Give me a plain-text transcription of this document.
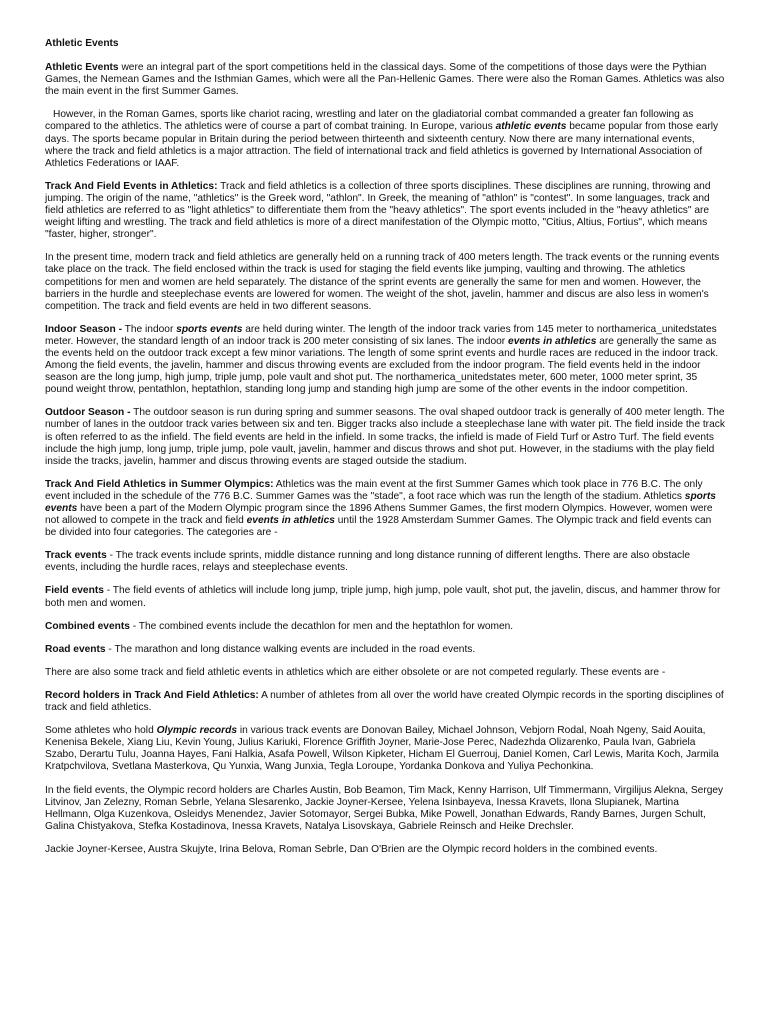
Athletic Events

Athletic Events were an integral part of the sport competitions held in the classical days. Some of the competitions of those days were the Pythian Games, the Nemean Games and the Isthmian Games, which were all the Pan-Hellenic Games. There were also the Roman Games. Athletics was also the main event in the first Summer Games.

However, in the Roman Games, sports like chariot racing, wrestling and later on the gladiatorial combat commanded a greater fan following as compared to the athletics. The athletics were of course a part of combat training. In Europe, various athletic events became popular from those early days. The sports became popular in Britain during the period between thirteenth and sixteenth century. Now there are many international events, where the track and field athletics is a major attraction. The field of international track and field athletics is governed by International Association of Athletics Federations or IAAF.

Track And Field Events in Athletics: Track and field athletics is a collection of three sports disciplines. These disciplines are running, throwing and jumping. The origin of the name, "athletics" is the Greek word, "athlon". In Greek, the meaning of "athlon" is "contest". In some languages, track and field athletics are referred to as "light athletics" to differentiate them from the "heavy athletics". The sport events included in the "heavy athletics" are weight lifting and wrestling. The track and field athletics is more of a direct manifestation of the Olympic motto, "Citius, Altius, Fortius", which means "faster, higher, stronger".

In the present time, modern track and field athletics are generally held on a running track of 400 meters length. The track events or the running events take place on the track. The field enclosed within the track is used for staging the field events like jumping, vaulting and throwing. The athletics competitions for men and women are held separately. The distance of the sprint events are generally the same for men and women. However, the barriers in the hurdle and steeplechase events are lowered for women. The weight of the shot, javelin, hammer and discus are also less in women's competition. The track and field events are held in two different seasons.

Indoor Season - The indoor sports events are held during winter. The length of the indoor track varies from 145 meter to northamerica_unitedstates meter. However, the standard length of an indoor track is 200 meter consisting of six lanes. The indoor events in athletics are generally the same as the events held on the outdoor track except a few minor variations. The length of some sprint events and hurdle races are reduced in the indoor track. Among the field events, the javelin, hammer and discus throwing events are excluded from the indoor program. The field events held in the indoor season are the long jump, high jump, triple jump, pole vault and shot put. The northamerica_unitedstates meter, 600 meter, 1000 meter sprint, 35 pound weight throw, pentathlon, heptathlon, standing long jump and standing high jump are some of the other events in the indoor competition.

Outdoor Season - The outdoor season is run during spring and summer seasons. The oval shaped outdoor track is generally of 400 meter length. The number of lanes in the outdoor track varies between six and ten. Bigger tracks also include a steeplechase lane with water pit. The field inside the track is often referred to as the infield. The field events are held in the infield. In some tracks, the infield is made of Field Turf or Astro Turf. The field events include the high jump, long jump, triple jump, pole vault, javelin, hammer and discus throws and shot put. However, in the stadiums with the play field inside the tracks, javelin, hammer and discus throwing events are staged outside the stadium.

Track And Field Athletics in Summer Olympics: Athletics was the main event at the first Summer Games which took place in 776 B.C. The only event included in the schedule of the 776 B.C. Summer Games was the "stade", a foot race which was run the length of the stadium. Athletics sports events have been a part of the Modern Olympic program since the 1896 Athens Summer Games, the first modern Olympics. However, women were not allowed to compete in the track and field events in athletics until the 1928 Amsterdam Summer Games. The Olympic track and field events can be divided into four categories. The categories are -

Track events - The track events include sprints, middle distance running and long distance running of different lengths. There are also obstacle events, including the hurdle races, relays and steeplechase events.

Field events - The field events of athletics will include long jump, triple jump, high jump, pole vault, shot put, the javelin, discus, and hammer throw for both men and women.

Combined events - The combined events include the decathlon for men and the heptathlon for women.

Road events - The marathon and long distance walking events are included in the road events.

There are also some track and field athletic events in athletics which are either obsolete or are not competed regularly. These events are -

Record holders in Track And Field Athletics: A number of athletes from all over the world have created Olympic records in the sporting disciplines of track and field athletics.

Some athletes who hold Olympic records in various track events are Donovan Bailey, Michael Johnson, Vebjorn Rodal, Noah Ngeny, Said Aouita, Kenenisa Bekele, Xiang Liu, Kevin Young, Julius Kariuki, Florence Griffith Joyner, Marie-Jose Perec, Nadezhda Olizarenko, Paula Ivan, Gabriela Szabo, Derartu Tulu, Joanna Hayes, Fani Halkia, Asafa Powell, Wilson Kipketer, Hicham El Guerrouj, Daniel Komen, Carl Lewis, Marita Koch, Jarmila Kratpchvilova, Svetlana Masterkova, Qu Yunxia, Wang Junxia, Tegla Loroupe, Yordanka Donkova and Yuliya Pechonkina.

In the field events, the Olympic record holders are Charles Austin, Bob Beamon, Tim Mack, Kenny Harrison, Ulf Timmermann, Virgilijus Alekna, Sergey Litvinov, Jan Zelezny, Roman Sebrle, Yelana Slesarenko, Jackie Joyner-Kersee, Yelena Isinbayeva, Inessa Kravets, Ilona Slupianek, Martina Hellmann, Olga Kuzenkova, Osleidys Menendez, Javier Sotomayor, Sergei Bubka, Mike Powell, Jonathan Edwards, Randy Barnes, Jurgen Schult, Galina Chistyakova, Stefka Kostadinova, Inessa Kravets, Natalya Lisovskaya, Gabriele Reinsch and Heike Drechsler.

Jackie Joyner-Kersee, Austra Skujyte, Irina Belova, Roman Sebrle, Dan O'Brien are the Olympic record holders in the combined events.
